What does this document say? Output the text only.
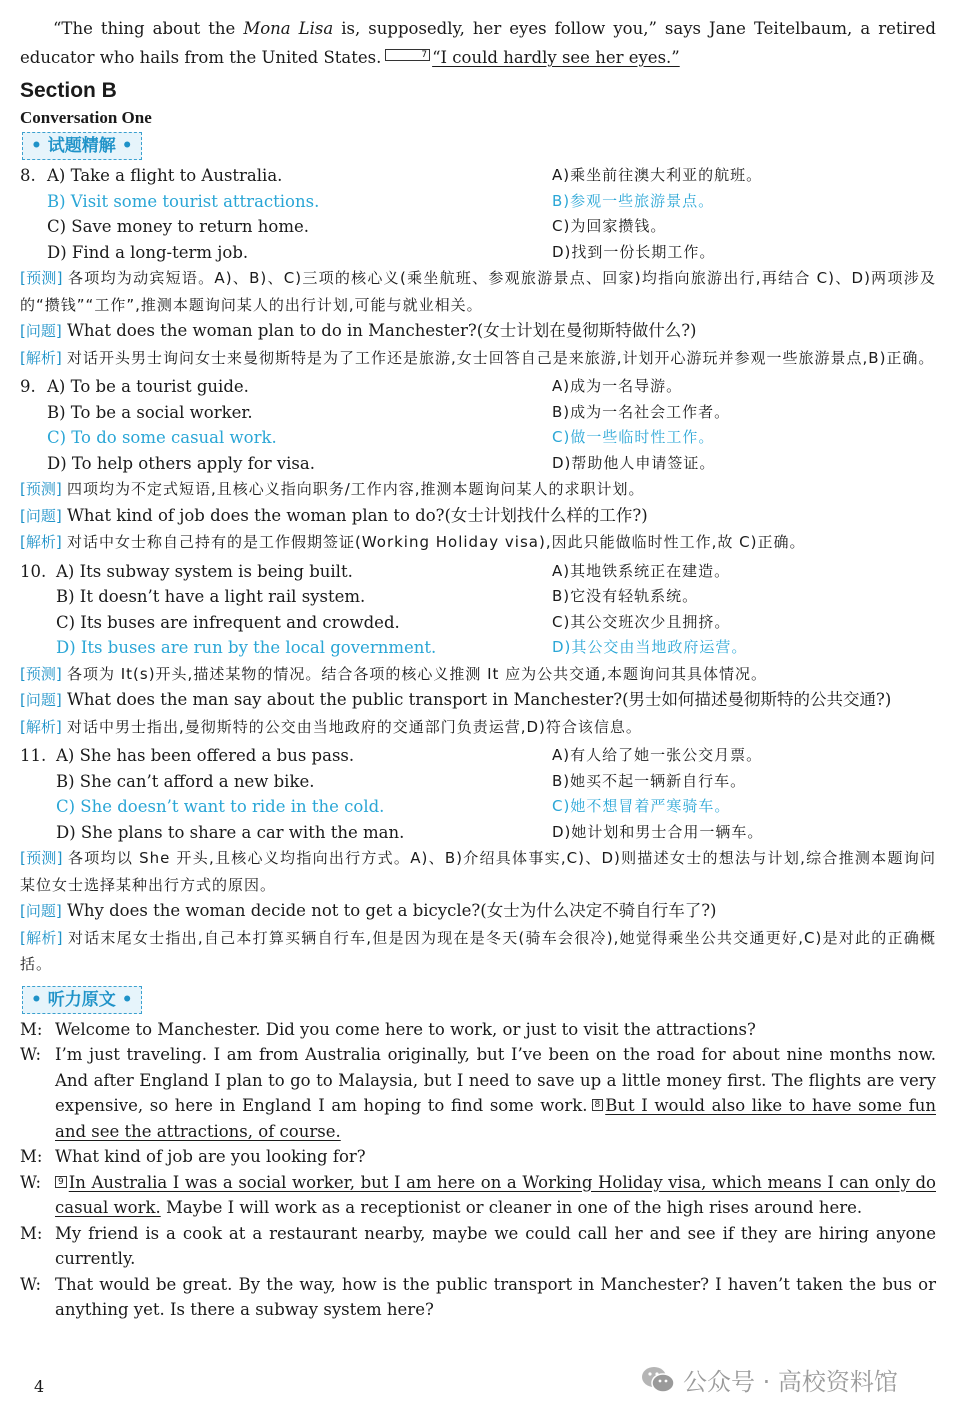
“The thing about the Mona Lisa is, supposedly, her eyes follow you,” says Jane Teitelbaum, a retired educator who hails from the United States.	7 “I could hardly see her eyes.”

Section B
Conversation One
• 试题精解 •
8. A) Take a flight to Australia.	A)乘坐前往澳大利亚的航班。
B) Visit some tourist attractions.	B)参观一些旅游景点。
C) Save money to return home.	C)为回家攒钱。
D) Find a long-term job.	D)找到一份长期工作。

[预测] 各项均为动宾短语。A)、B)、C)三项的核心义(乘坐航班、参观旅游景点、回家)均指向旅游出行,再结合 C)、D)两项涉及的“攒钱”“工作”,推测本题询问某人的出行计划,可能与就业相关。

[问题] What does the woman plan to do in Manchester?(女士计划在曼彻斯特做什么?)

[解析] 对话开头男士询问女士来曼彻斯特是为了工作还是旅游,女士回答自己是来旅游,计划开心游玩并参观一些旅游景点,B)正确。

9. A) To be a tourist guide.	A)成为一名导游。
B) To be a social worker.	B)成为一名社会工作者。
C) To do some casual work.	C)做一些临时性工作。
D) To help others apply for visa.	D)帮助他人申请签证。

[预测] 四项均为不定式短语,且核心义指向职务/工作内容,推测本题询问某人的求职计划。

[问题] What kind of job does the woman plan to do?(女士计划找什么样的工作?)

[解析] 对话中女士称自己持有的是工作假期签证(Working Holiday visa),因此只能做临时性工作,故 C)正确。

10. A) Its subway system is being built.	A)其地铁系统正在建造。
B) It doesn’t have a light rail system.	B)它没有轻轨系统。
C) Its buses are infrequent and crowded.	C)其公交班次少且拥挤。
D) Its buses are run by the local government.	D)其公交由当地政府运营。

[预测] 各项为 It(s)开头,描述某物的情况。结合各项的核心义推测 It 应为公共交通,本题询问其具体情况。

[问题] What does the man say about the public transport in Manchester?(男士如何描述曼彻斯特的公共交通?)

[解析] 对话中男士指出,曼彻斯特的公交由当地政府的交通部门负责运营,D)符合该信息。

11. A) She has been offered a bus pass.	A)有人给了她一张公交月票。
B) She can’t afford a new bike.	B)她买不起一辆新自行车。
C) She doesn’t want to ride in the cold.	C)她不想冒着严寒骑车。
D) She plans to share a car with the man.	D)她计划和男士合用一辆车。

[预测] 各项均以 She 开头,且核心义均指向出行方式。A)、B)介绍具体事实,C)、D)则描述女士的想法与计划,综合推测本题询问某位女士选择某种出行方式的原因。

[问题] Why does the woman decide not to get a bicycle?(女士为什么决定不骑自行车了?)

[解析] 对话末尾女士指出,自己本打算买辆自行车,但是因为现在是冬天(骑车会很冷),她觉得乘坐公共交通更好,C)是对此的正确概括。

• 听力原文 •
M: Welcome to Manchester. Did you come here to work, or just to visit the attractions?
W: I’m just traveling. I am from Australia originally, but I’ve been on the road for about nine months now. And after England I plan to go to Malaysia, but I need to save up a little money first. The flights are very expensive, so here in England I am hoping to find some work. 8 But I would also like to have some fun and see the attractions, of course.
M: What kind of job are you looking for?
W:	9 In Australia I was a social worker, but I am here on a Working Holiday visa, which means I can only do casual work. Maybe I will work as a receptionist or cleaner in one of the high rises around here.
M: My friend is a cook at a restaurant nearby, maybe we could call her and see if they are hiring anyone currently.
W: That would be great. By the way, how is the public transport in Manchester? I haven’t taken the bus or anything yet. Is there a subway system here?
4	公众号 · 高校资料馆
